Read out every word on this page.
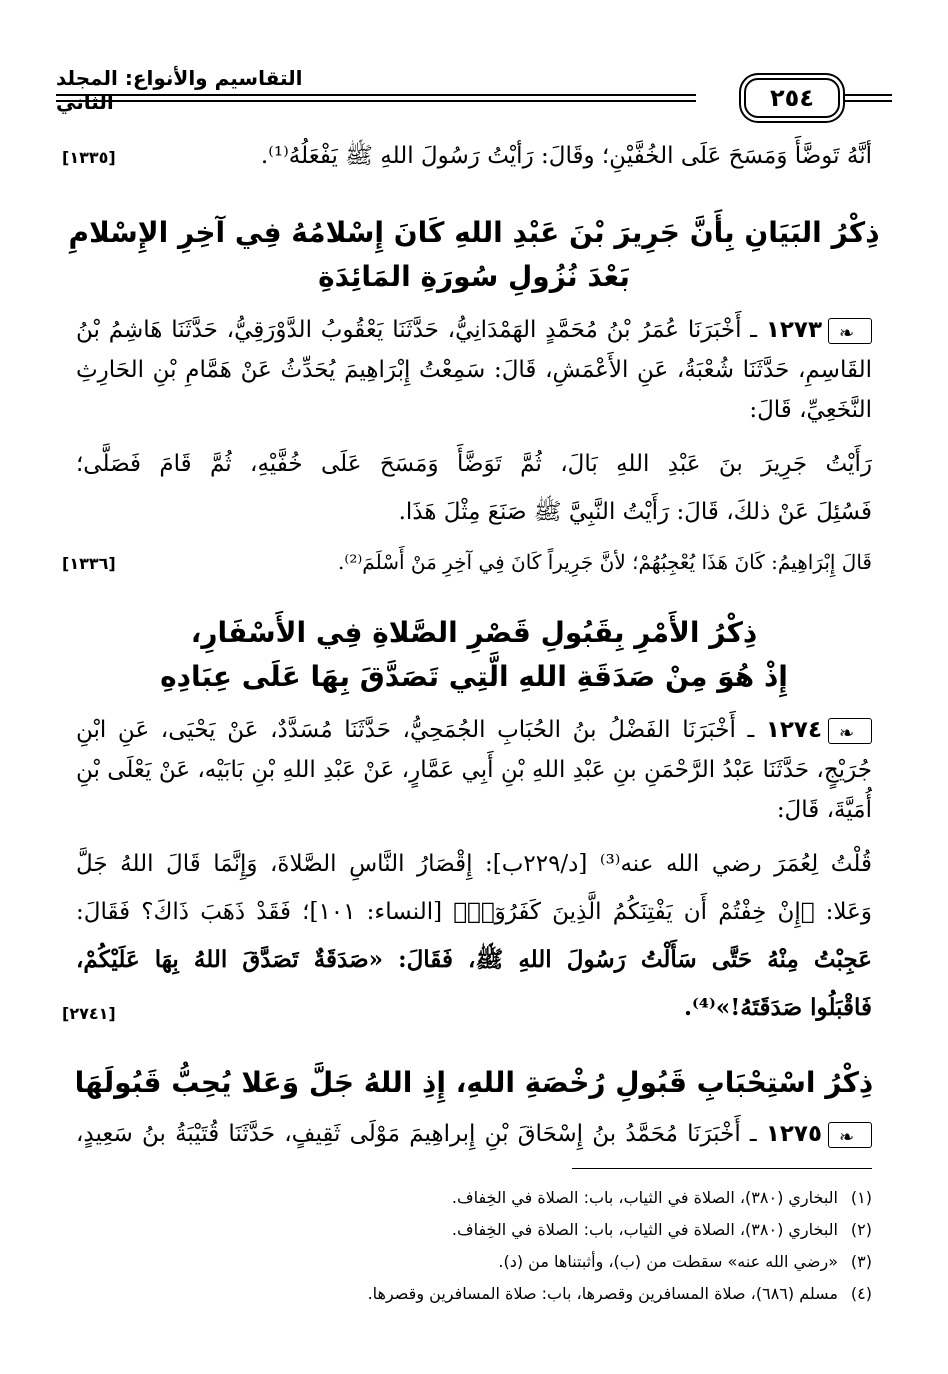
٢٥٤
التقاسيم والأنواع: المجلد الثاني
أنَّهُ تَوضَّأَ وَمَسَحَ عَلَى الخُفَّيْنِ؛ وقَالَ: رَأيْتُ رَسُولَ اللهِ ﷺ يَفْعَلُهُ⁽¹⁾.
[١٣٣٥]
ذِكْرُ البَيَانِ بِأَنَّ جَرِيرَ بْنَ عَبْدِ اللهِ كَانَ إِسْلامُهُ فِي آخِرِ الإِسْلامِ
بَعْدَ نُزُولِ سُورَةِ المَائِدَةِ
❧١٢٧٣ ـ أَخْبَرَنَا عُمَرُ بْنُ مُحَمَّدٍ الهَمْدَانِيُّ، حَدَّثَنَا يَعْقُوبُ الدَّوْرَقِيُّ، حَدَّثَنَا هَاشِمُ بْنُ
القَاسِمِ، حَدَّثَنَا شُعْبَةُ، عَنِ الأَعْمَشِ، قَالَ: سَمِعْتُ إِبْرَاهِيمَ يُحَدِّثُ عَنْ هَمَّامِ بْنِ الحَارِثِ
النَّخَعِيِّ، قَالَ:
رَأَيْتُ جَرِيرَ بنَ عَبْدِ اللهِ بَالَ، ثُمَّ تَوَضَّأَ وَمَسَحَ عَلَى خُفَّيْهِ، ثُمَّ قَامَ فَصَلَّى؛
فَسُئِلَ عَنْ ذلكَ، قَالَ: رَأَيْتُ النَّبِيَّ ﷺ صَنَعَ مِثْلَ هَذَا.
قَالَ إِبْرَاهِيمُ: كَانَ هَذَا يُعْجِبُهُمْ؛ لأنَّ جَرِيراً كَانَ فِي آخِرِ مَنْ أَسْلَمَ⁽²⁾.
[١٣٣٦]
ذِكْرُ الأَمْرِ بِقَبُولِ قَصْرِ الصَّلاةِ فِي الأَسْفَارِ،
إِذْ هُوَ مِنْ صَدَقَةِ اللهِ الَّتِي تَصَدَّقَ بِهَا عَلَى عِبَادِهِ
❧١٢٧٤ ـ أَخْبَرَنَا الفَضْلُ بنُ الحُبَابِ الجُمَحِيُّ، حَدَّثَنَا مُسَدَّدٌ، عَنْ يَحْيَى، عَنِ ابْنِ
جُرَيْجٍ، حَدَّثَنَا عَبْدُ الرَّحْمَنِ بنِ عَبْدِ اللهِ بْنِ أَبِي عَمَّارٍ، عَنْ عَبْدِ اللهِ بْنِ بَابَيْه، عَنْ يَعْلَى بْنِ
أُمَيَّةَ، قَالَ:
قُلْتُ لِعُمَرَ رضي الله عنه⁽³⁾ [د/٢٢٩ب]: إِقْصَارُ النَّاسِ الصَّلاةَ، وَإِنَّمَا قَالَ اللهُ جَلَّ
وَعَلا: ﴿إِنْ خِفْتُمْ أَن يَفْتِنَكُمُ الَّذِينَ كَفَرُوٓا۟﴾ [النساء: ١٠١]؛ فَقَدْ ذَهَبَ ذَاكَ؟ فَقَالَ:
عَجِبْتُ مِنْهُ حَتَّى سَأَلْتُ رَسُولَ اللهِ ﷺ، فَقَالَ: «صَدَقَةٌ تَصَدَّقَ اللهُ بِهَا عَلَيْكُمْ،
فَاقْبَلُوا صَدَقَتَهُ!»⁽⁴⁾.
[٢٧٤١]
ذِكْرُ اسْتِحْبَابِ قَبُولِ رُخْصَةِ اللهِ، إِذِ اللهُ جَلَّ وَعَلا يُحِبُّ قَبُولَهَا
❧١٢٧٥ ـ أَخْبَرَنَا مُحَمَّدُ بنُ إِسْحَاقَ بْنِ إِبراهِيمَ مَوْلَى ثَقِيفٍ، حَدَّثَنَا قُتَيْبَةُ بنُ سَعِيدٍ،
(١)البخاري (٣٨٠)، الصلاة في الثياب، باب: الصلاة في الخِفاف.
(٢)البخاري (٣٨٠)، الصلاة في الثياب، باب: الصلاة في الخِفاف.
(٣)«رضي الله عنه» سقطت من (ب)، وأثبتناها من (د).
(٤)مسلم (٦٨٦)، صلاة المسافرين وقصرها، باب: صلاة المسافرين وقصرها.
